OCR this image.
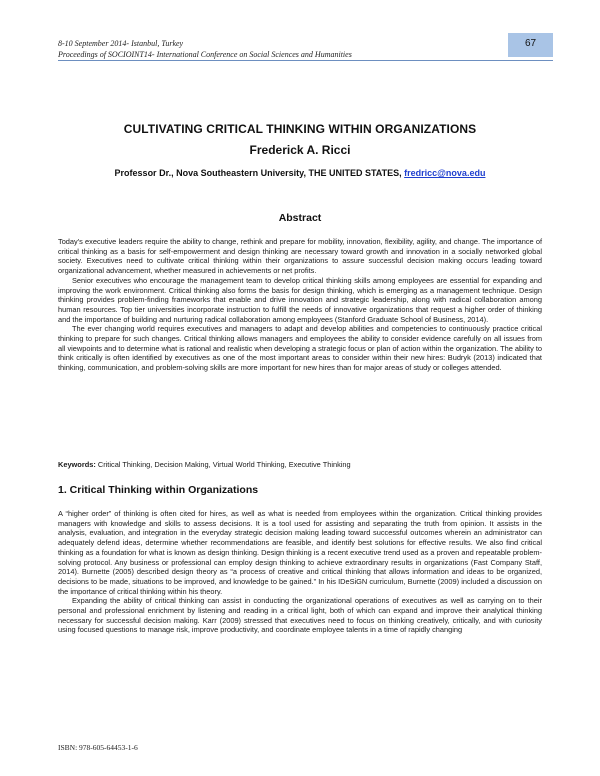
8-10 September 2014- Istanbul, Turkey
Proceedings of SOCIOINT14- International Conference on Social Sciences and Humanities
67
CULTIVATING CRITICAL THINKING WITHIN ORGANIZATIONS
Frederick A. Ricci

Professor Dr., Nova Southeastern University, THE UNITED STATES, fredricc@nova.edu

Abstract

Today's executive leaders require the ability to change, rethink and prepare for mobility, innovation, flexibility, agility, and change. The importance of critical thinking as a basis for self-empowerment and design thinking are necessary toward growth and innovation in a socially networked global society. Executives need to cultivate critical thinking within their organizations to assure successful decision making occurs leading toward organizational advancement, whether measured in achievements or net profits.

Senior executives who encourage the management team to develop critical thinking skills among employees are essential for expanding and improving the work environment. Critical thinking also forms the basis for design thinking, which is emerging as a management technique. Design thinking provides problem-finding frameworks that enable and drive innovation and strategic leadership, along with radical collaboration among human resources. Top tier universities incorporate instruction to fulfill the needs of innovative organizations that request a higher order of thinking and the importance of building and nurturing radical collaboration among employees (Stanford Graduate School of Business, 2014).

The ever changing world requires executives and managers to adapt and develop abilities and competencies to continuously practice critical thinking to prepare for such changes. Critical thinking allows managers and employees the ability to consider evidence carefully on all issues from all viewpoints and to determine what is rational and realistic when developing a strategic focus or plan of action within the organization. The ability to think critically is often identified by executives as one of the most important areas to consider within their new hires: Budryk (2013) indicated that thinking, communication, and problem-solving skills are more important for new hires than for major areas of study or colleges attended.

Keywords: Critical Thinking, Decision Making, Virtual World Thinking, Executive Thinking
1. Critical Thinking within Organizations

A “higher order” of thinking is often cited for hires, as well as what is needed from employees within the organization. Critical thinking provides managers with knowledge and skills to assess decisions. It is a tool used for assisting and separating the truth from opinion. It assists in the analysis, evaluation, and integration in the everyday strategic decision making leading toward successful outcomes wherein an administrator can adequately defend ideas, determine whether recommendations are feasible, and identify best solutions for effective results. We also find critical thinking as a foundation for what is known as design thinking. Design thinking is a recent executive trend used as a proven and repeatable problem-solving protocol. Any business or professional can employ design thinking to achieve extraordinary results in organizations (Fast Company Staff, 2014). Burnette (2005) described design theory as “a process of creative and critical thinking that allows information and ideas to be organized, decisions to be made, situations to be improved, and knowledge to be gained.” In his IDeSiGN curriculum, Burnette (2009) included a discussion on the importance of critical thinking within his theory.

Expanding the ability of critical thinking can assist in conducting the organizational operations of executives as well as carrying on to their personal and professional enrichment by listening and reading in a critical light, both of which can expand and improve their analytical thinking necessary for successful decision making. Karr (2009) stressed that executives need to focus on thinking creatively, critically, and with curiosity using focused questions to manage risk, improve productivity, and coordinate employee talents in a time of rapidly changing

ISBN: 978-605-64453-1-6
